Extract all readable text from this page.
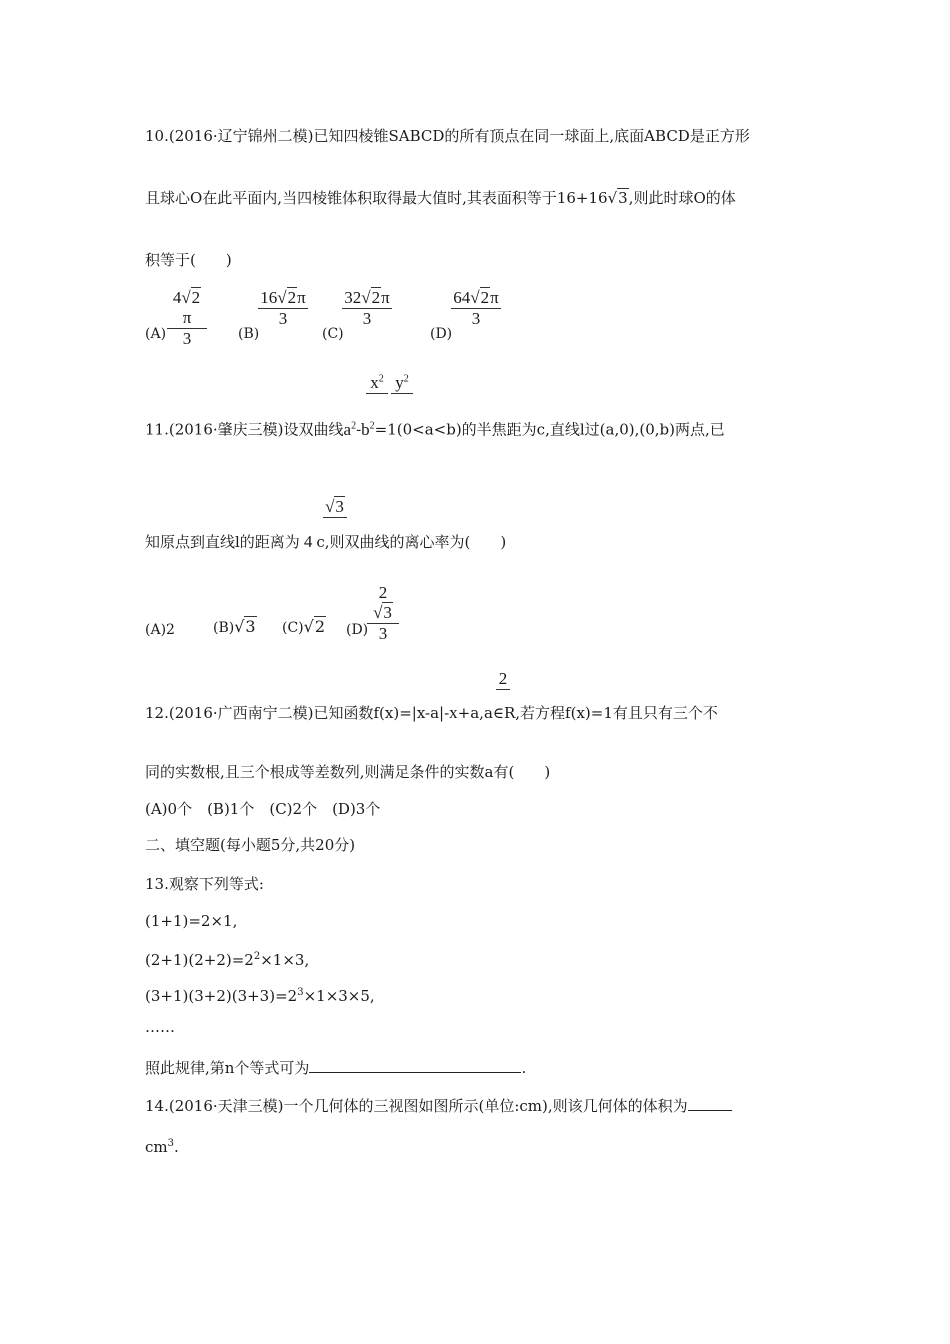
10.(2016·辽宁锦州二模)已知四棱锥SABCD的所有顶点在同一球面上,底面ABCD是正方形
且球心O在此平面内,当四棱锥体积取得最大值时,其表面积等于16+16√3,则此时球O的体
积等于(　　)
(A)
4√2π
3	(B)
16√2π
3
(C)
32√2π
3
(D)
64√2π
3
$x^2$ $y^2$
11.(2016·肇庆三模)设双曲线$a^2-b^2=1(0<a<b)$的半焦距为c,直线l过(a,0),(0,b)两点,已
√3
知原点到直线l的距离为 4 c,则双曲线的离心率为(　　)
(A)2	(B)√3 (C)√2 (D)
2√3
3
2
12.(2016·广西南宁二模)已知函数f(x)=|x-a|-x+a,a∈R,若方程f(x)=1有且只有三个不
同的实数根,且三个根成等差数列,则满足条件的实数a有(　　)
(A)0个　(B)1个　(C)2个　(D)3个
二、填空题(每小题5分,共20分)
13.观察下列等式:
(1+1)=2×1,
$(2+1)(2+2)=2^2\times 1\times 3$,
$(3+1)(3+2)(3+3)=2^3\times 1\times 3\times 5$,
……
照此规律,第n个等式可为	.
14.(2016·天津三模)一个几何体的三视图如图所示(单位:cm),则该几何体的体积为
$cm^3$.
